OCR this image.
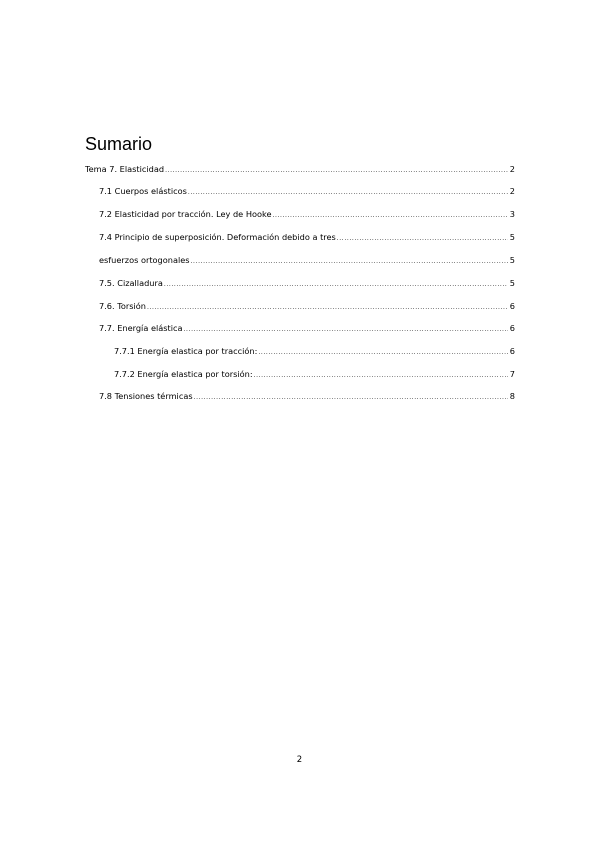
Sumario
Tema 7. Elasticidad .....	2
7.1 Cuerpos elásticos .....	2
7.2 Elasticidad por tracción. Ley de Hooke .....	3
7.4 Principio de superposición. Deformación debido a tres .....	5
esfuerzos ortogonales .....	5
7.5. Cizalladura .....	5
7.6. Torsión .....	6
7.7. Energía elástica .....	6
7.7.1 Energía elastica por tracción: .....	6
7.7.2 Energía elastica por torsión: .....	7
7.8 Tensiones térmicas .....	8
2
